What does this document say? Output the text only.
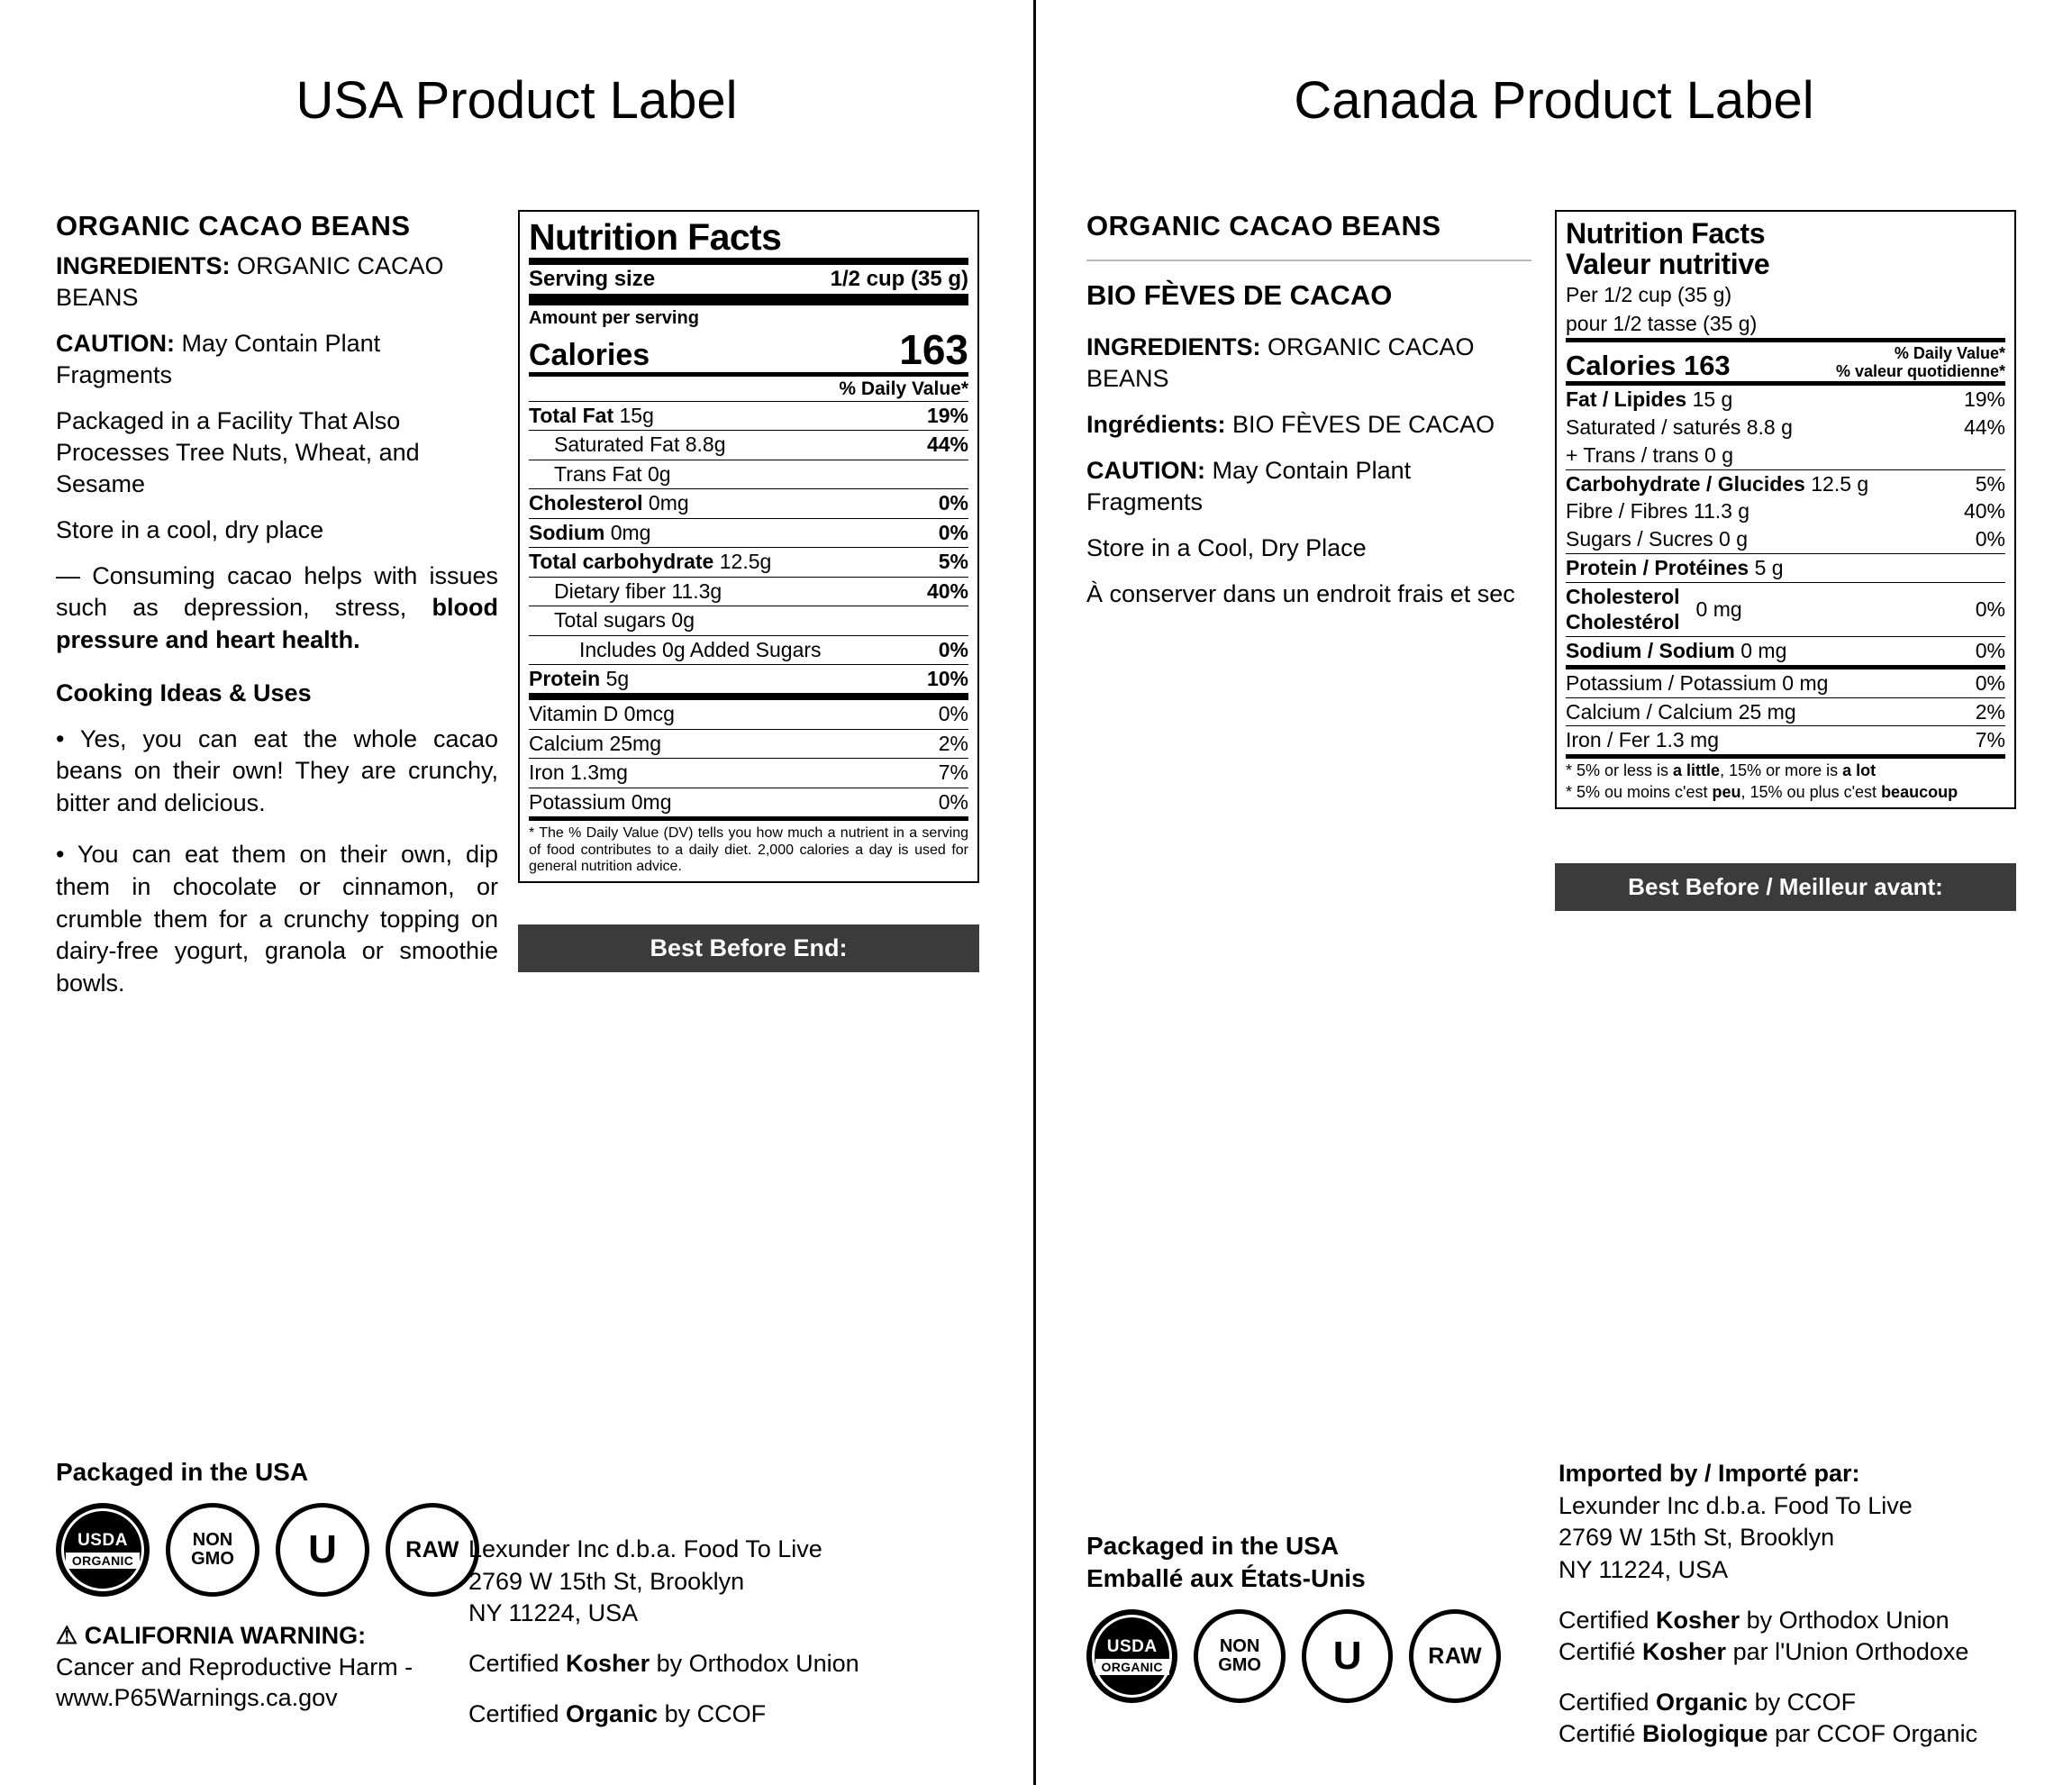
USA Product Label
ORGANIC CACAO BEANS
INGREDIENTS: ORGANIC CACAO BEANS
CAUTION: May Contain Plant Fragments
Packaged in a Facility That Also Processes Tree Nuts, Wheat, and Sesame
Store in a cool, dry place
— Consuming cacao helps with issues such as depression, stress, blood pressure and heart health.
Cooking Ideas & Uses
• Yes, you can eat the whole cacao beans on their own! They are crunchy, bitter and delicious.
• You can eat them on their own, dip them in chocolate or cinnamon, or crumble them for a crunchy topping on dairy-free yogurt, granola or smoothie bowls.
Nutrition Facts
Serving size	1/2 cup (35 g)
Amount per serving
Calories	163
% Daily Value*
Total Fat 15g	19%
Saturated Fat 8.8g	44%
Trans Fat 0g
Cholesterol 0mg	0%
Sodium 0mg	0%
Total carbohydrate 12.5g	5%
Dietary fiber 11.3g	40%
Total sugars 0g
Includes 0g Added Sugars	0%
Protein 5g	10%
Vitamin D 0mcg	0%
Calcium 25mg	2%
Iron 1.3mg	7%
Potassium 0mg	0%
* The % Daily Value (DV) tells you how much a nutrient in a serving of food contributes to a daily diet. 2,000 calories a day is used for general nutrition advice.
Best Before End:
Packaged in the USA
USDA
ORGANIC
NON
GMO U	RAW
⚠ CALIFORNIA WARNING:
Cancer and Reproductive Harm -
www.P65Warnings.ca.gov
Lexunder Inc d.b.a. Food To Live
2769 W 15th St, Brooklyn
NY 11224, USA
Certified Kosher by Orthodox Union
Certified Organic by CCOF
Canada Product Label
ORGANIC CACAO BEANS
BIO FÈVES DE CACAO
INGREDIENTS: ORGANIC CACAO BEANS
Ingrédients: BIO FÈVES DE CACAO
CAUTION: May Contain Plant Fragments
Store in a Cool, Dry Place
À conserver dans un endroit frais et sec
Nutrition Facts
Valeur nutritive
Per 1/2 cup (35 g)
pour 1/2 tasse (35 g)
Calories 163	% Daily Value*
% valeur quotidienne*
Fat / Lipides 15 g	19%
Saturated / saturés 8.8 g	44%
+ Trans / trans 0 g
Carbohydrate / Glucides 12.5 g	5%
Fibre / Fibres 11.3 g	40%
Sugars / Sucres 0 g	0%
Protein / Protéines 5 g
Cholesterol
Cholestérol
0 mg	0%
Sodium / Sodium 0 mg	0%
Potassium / Potassium 0 mg	0%
Calcium / Calcium 25 mg	2%
Iron / Fer 1.3 mg	7%
* 5% or less is a little, 15% or more is a lot
* 5% ou moins c'est peu, 15% ou plus c'est beaucoup
Best Before / Meilleur avant:
Packaged in the USA
Emballé aux États-Unis
USDA
ORGANIC
NON
GMO U	RAW
Imported by / Importé par:
Lexunder Inc d.b.a. Food To Live
2769 W 15th St, Brooklyn
NY 11224, USA
Certified Kosher by Orthodox Union
Certifié Kosher par l'Union Orthodoxe
Certified Organic by CCOF
Certifié Biologique par CCOF Organic
